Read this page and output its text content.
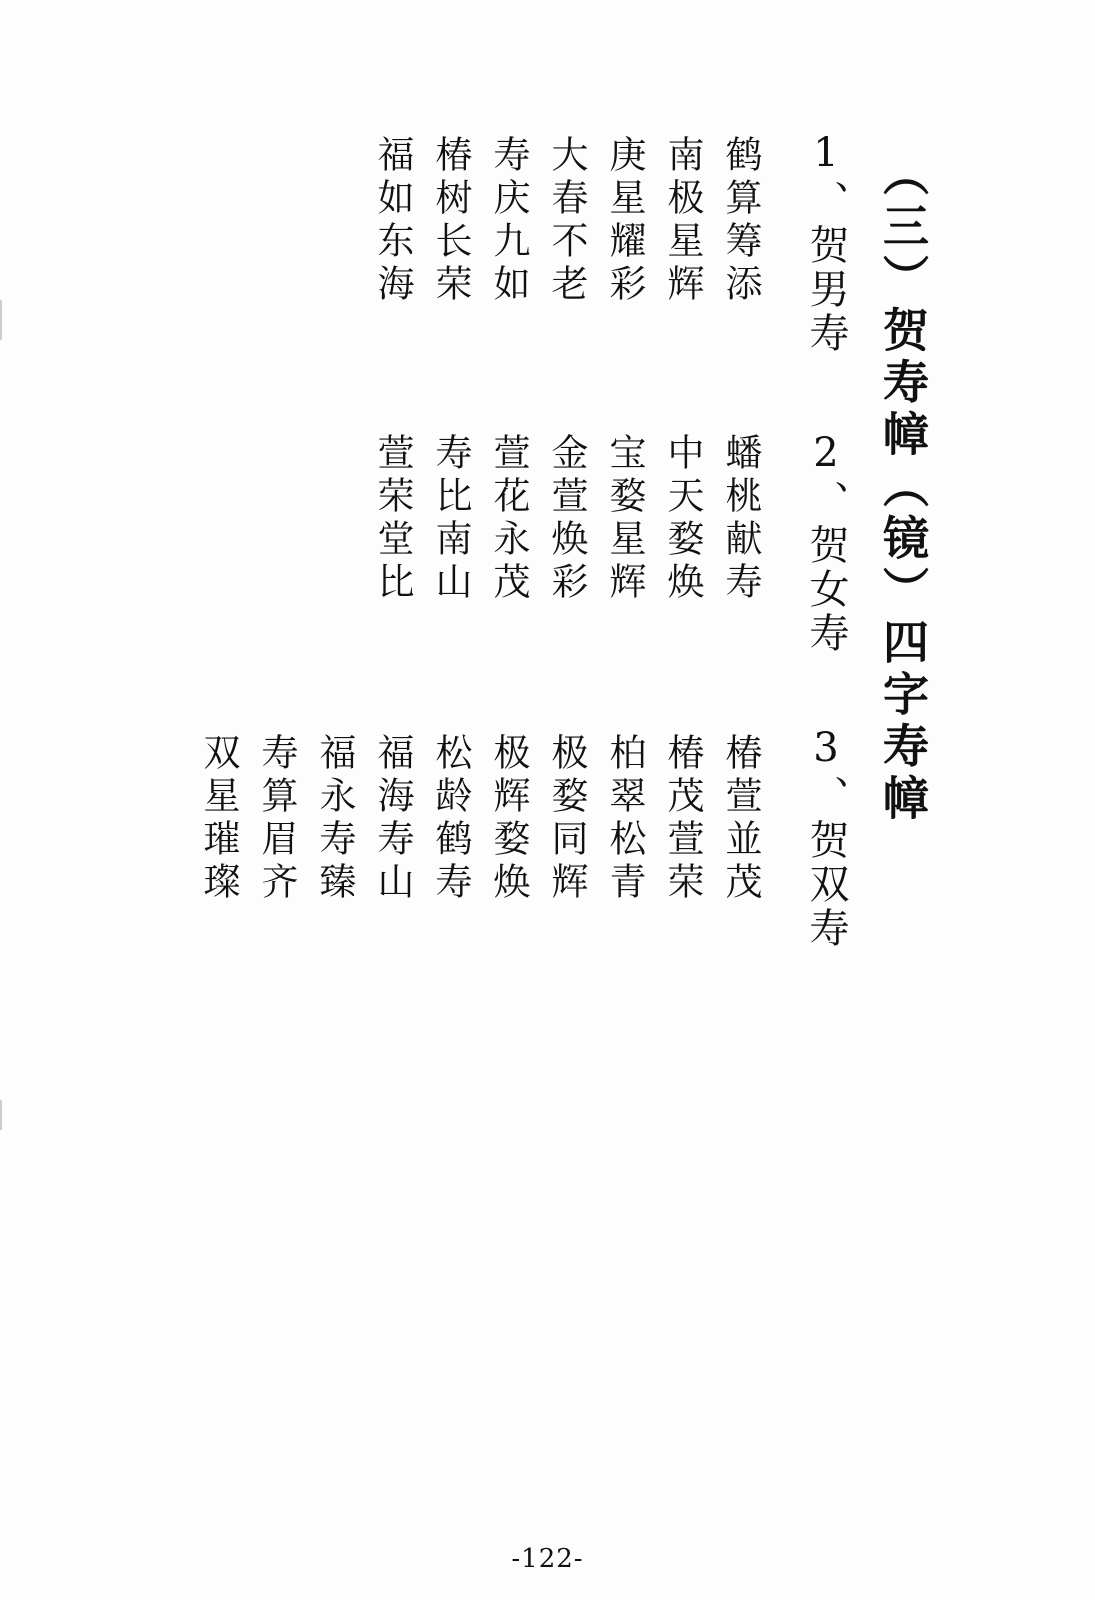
（三）贺寿幛（镜）四字寿幛
1、贺男寿
鹤算筹添
南极星辉
庚星耀彩
大春不老
寿庆九如
椿树长荣
福如东海
2、贺女寿
蟠桃献寿
中天婺焕
宝婺星辉
金萱焕彩
萱花永茂
寿比南山
萱荣堂比
3、贺双寿
椿萱並茂
椿茂萱荣
柏翠松青
极婺同辉
极辉婺焕
松龄鹤寿
福海寿山
福永寿臻
寿算眉齐
双星璀璨
-122-
